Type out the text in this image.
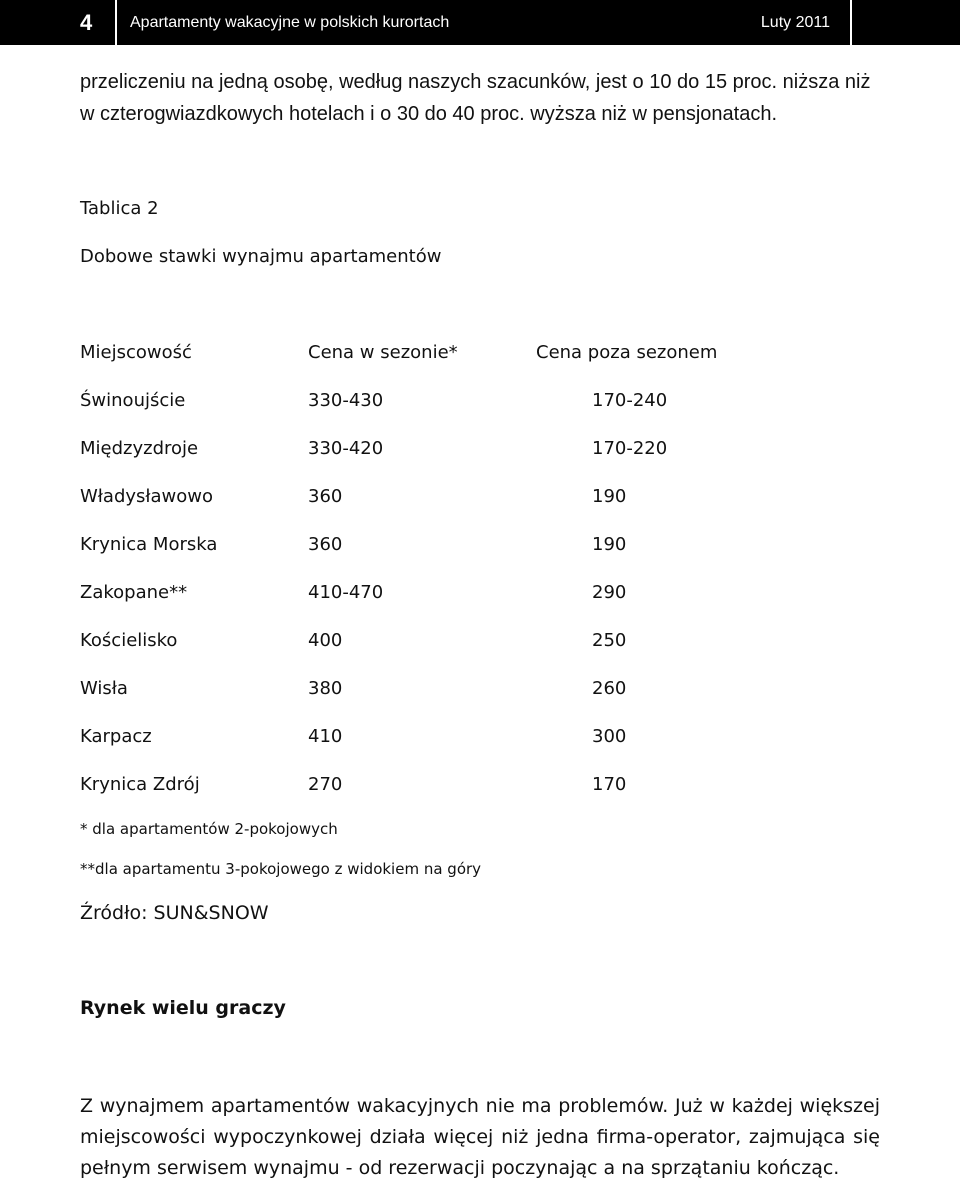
4	Apartamenty wakacyjne w polskich kurortach	Luty 2011
przeliczeniu na jedną osobę, według naszych szacunków, jest o 10 do 15 proc. niższa niż w czterogwiazdkowych hotelach i o 30 do 40 proc. wyższa niż w pensjonatach.
Tablica 2
Dobowe stawki wynajmu apartamentów
Miejscowość	Cena w sezonie*	Cena poza sezonem
Świnoujście	330-430	170-240
Międzyzdroje	330-420	170-220
Władysławowo	360	190
Krynica Morska	360	190
Zakopane**	410-470	290
Kościelisko	400	250
Wisła	380	260
Karpacz	410	300
Krynica Zdrój	270	170
* dla apartamentów 2-pokojowych
**dla apartamentu 3-pokojowego z widokiem na góry
Źródło: SUN&SNOW
Rynek wielu graczy
Z wynajmem apartamentów wakacyjnych nie ma problemów. Już w każdej większej miejscowości wypoczynkowej działa więcej niż jedna firma-operator, zajmująca się pełnym serwisem wynajmu - od rezerwacji poczynając a na sprzątaniu kończąc.
